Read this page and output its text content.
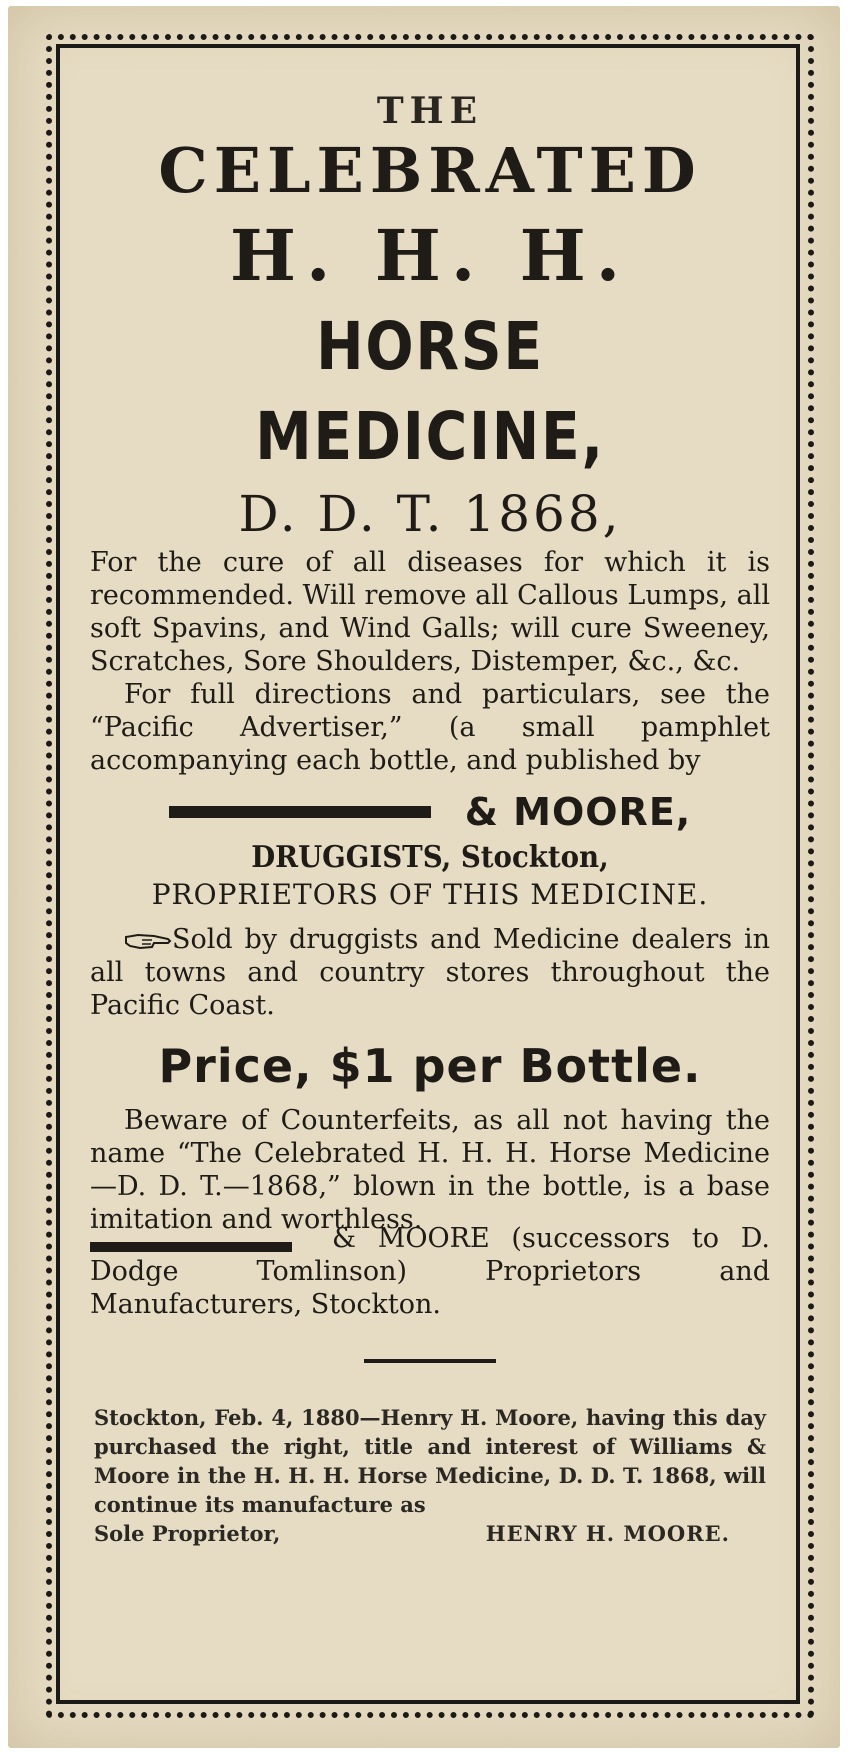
THE

CELEBRATED

H. H. H.

HORSE MEDICINE,

D. D. T. 1868,

For the cure of all diseases for which it is recommended. Will remove all Callous Lumps, all soft Spavins, and Wind Galls; will cure Sweeney, Scratches, Sore Shoulders, Distemper, &c., &c.

For full directions and particulars, see the “Pacific Advertiser,” (a small pamphlet accompanying each bottle, and published by

& MOORE,

DRUGGISTS, Stockton,

PROPRIETORS OF THIS MEDICINE.

Sold by druggists and Medicine dealers in all towns and country stores throughout the Pacific Coast.

Price, $1 per Bottle.

Beware of Counterfeits, as all not having the name “The Celebrated H. H. H. Horse Medicine—D. D. T.—1868,” blown in the bottle, is a base imitation and worthless.

& MOORE (successors to D. Dodge Tomlinson) Proprietors and Manufacturers, Stockton.

Stockton, Feb. 4, 1880—Henry H. Moore, having this day purchased the right, title and interest of Williams & Moore in the H. H. H. Horse Medicine, D. D. T. 1868, will continue its manufacture as

Sole Proprietor,	HENRY H. MOORE.
